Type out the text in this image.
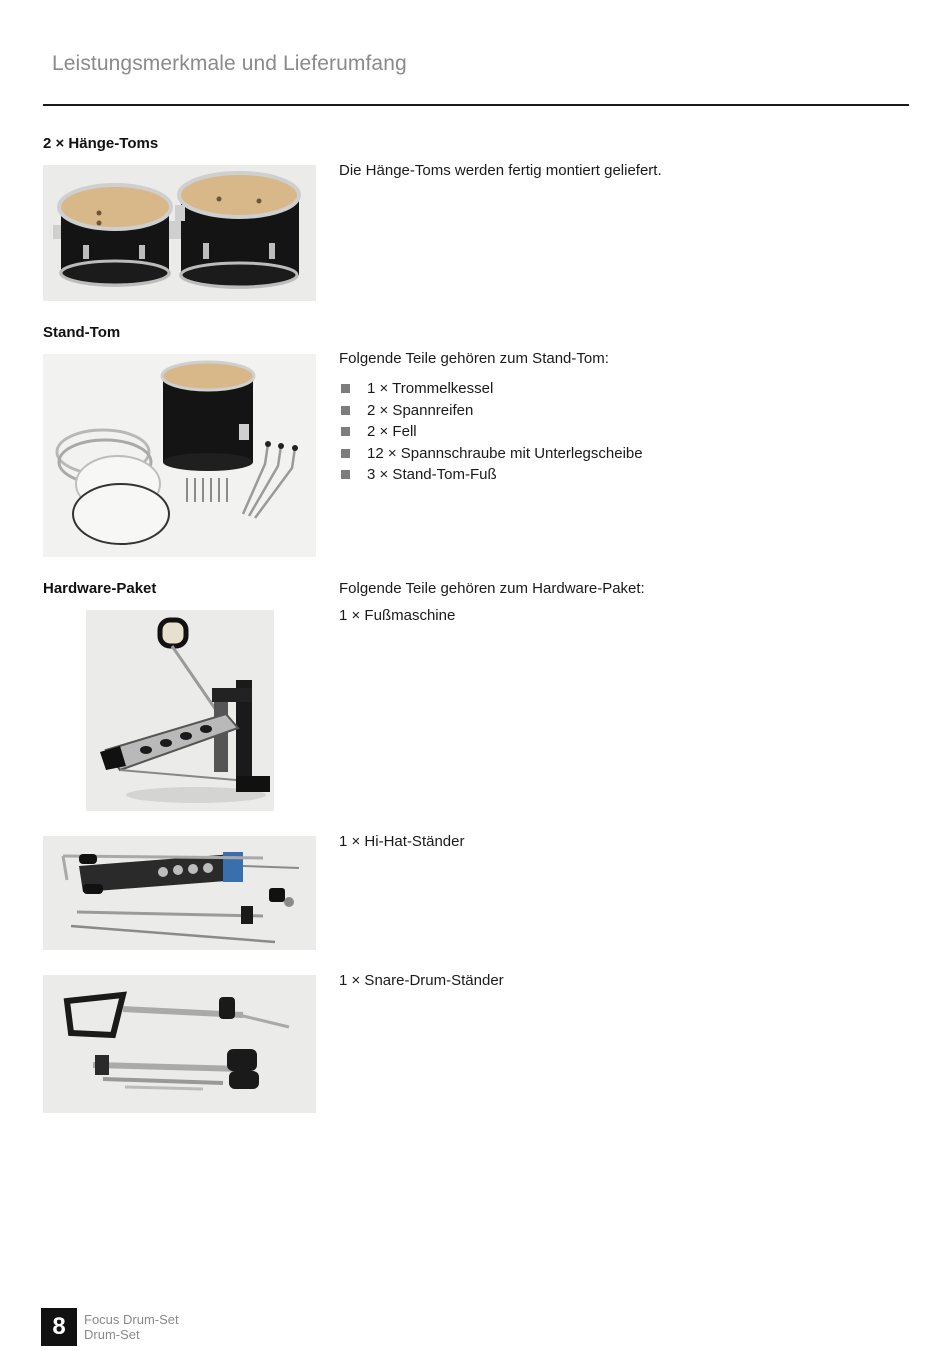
Leistungsmerkmale und Lieferumfang
2 × Hänge-Toms
Die Hänge-Toms werden fertig montiert geliefert.
Stand-Tom
Folgende Teile gehören zum Stand-Tom:
1 × Trommelkessel
2 × Spannreifen
2 × Fell
12 × Spannschraube mit Unterlegscheibe
3 × Stand-Tom-Fuß
Hardware-Paket	Folgende Teile gehören zum Hardware-Paket:
1 × Fußmaschine
1 × Hi-Hat-Ständer
1 × Snare-Drum-Ständer
8 Focus Drum-Set
Drum-Set
